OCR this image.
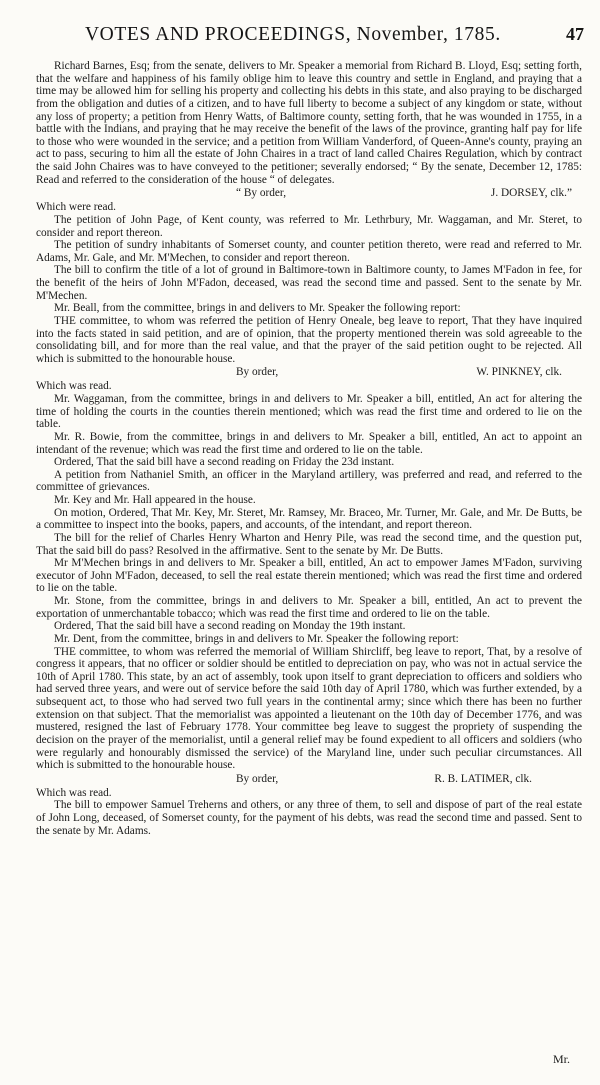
VOTES AND PROCEEDINGS, November, 1785.	47

Richard Barnes, Esq; from the senate, delivers to Mr. Speaker a memorial from Richard B. Lloyd, Esq; setting forth, that the welfare and happiness of his family oblige him to leave this country and settle in England, and praying that a time may be allowed him for selling his property and collecting his debts in this state, and also praying to be discharged from the obligation and duties of a citizen, and to have full liberty to become a subject of any kingdom or state, without any loss of property; a petition from Henry Watts, of Baltimore county, setting forth, that he was wounded in 1755, in a battle with the Indians, and praying that he may receive the benefit of the laws of the province, granting half pay for life to those who were wounded in the service; and a petition from William Vanderford, of Queen-Anne's county, praying an act to pass, securing to him all the estate of John Chaires in a tract of land called Chaires Regulation, which by contract the said John Chaires was to have conveyed to the petitioner; severally endorsed; “ By the senate, December 12, 1785: Read and referred to the consideration of the house “ of delegates.

“ By order,	J. DORSEY, clk.”

Which were read.

The petition of John Page, of Kent county, was referred to Mr. Lethrbury, Mr. Waggaman, and Mr. Steret, to consider and report thereon.

The petition of sundry inhabitants of Somerset county, and counter petition thereto, were read and referred to Mr. Adams, Mr. Gale, and Mr. M'Mechen, to consider and report thereon.

The bill to confirm the title of a lot of ground in Baltimore-town in Baltimore county, to James M'Fadon in fee, for the benefit of the heirs of John M'Fadon, deceased, was read the second time and passed. Sent to the senate by Mr. M'Mechen.

Mr. Beall, from the committee, brings in and delivers to Mr. Speaker the following report:

THE committee, to whom was referred the petition of Henry Oneale, beg leave to report, That they have inquired into the facts stated in said petition, and are of opinion, that the property mentioned therein was sold agreeable to the consolidating bill, and for more than the real value, and that the prayer of the said petition ought to be rejected. All which is submitted to the honourable house.

By order,	W. PINKNEY, clk.

Which was read.

Mr. Waggaman, from the committee, brings in and delivers to Mr. Speaker a bill, entitled, An act for altering the time of holding the courts in the counties therein mentioned; which was read the first time and ordered to lie on the table.

Mr. R. Bowie, from the committee, brings in and delivers to Mr. Speaker a bill, entitled, An act to appoint an intendant of the revenue; which was read the first time and ordered to lie on the table.

Ordered, That the said bill have a second reading on Friday the 23d instant.

A petition from Nathaniel Smith, an officer in the Maryland artillery, was preferred and read, and referred to the committee of grievances.

Mr. Key and Mr. Hall appeared in the house.

On motion, Ordered, That Mr. Key, Mr. Steret, Mr. Ramsey, Mr. Braceo, Mr. Turner, Mr. Gale, and Mr. De Butts, be a committee to inspect into the books, papers, and accounts, of the intendant, and report thereon.

The bill for the relief of Charles Henry Wharton and Henry Pile, was read the second time, and the question put, That the said bill do pass? Resolved in the affirmative. Sent to the senate by Mr. De Butts.

Mr M'Mechen brings in and delivers to Mr. Speaker a bill, entitled, An act to empower James M'Fadon, surviving executor of John M'Fadon, deceased, to sell the real estate therein mentioned; which was read the first time and ordered to lie on the table.

Mr. Stone, from the committee, brings in and delivers to Mr. Speaker a bill, entitled, An act to prevent the exportation of unmerchantable tobacco; which was read the first time and ordered to lie on the table.

Ordered, That the said bill have a second reading on Monday the 19th instant.

Mr. Dent, from the committee, brings in and delivers to Mr. Speaker the following report:

THE committee, to whom was referred the memorial of William Shircliff, beg leave to report, That, by a resolve of congress it appears, that no officer or soldier should be entitled to depreciation on pay, who was not in actual service the 10th of April 1780. This state, by an act of assembly, took upon itself to grant depreciation to officers and soldiers who had served three years, and were out of service before the said 10th day of April 1780, which was further extended, by a subsequent act, to those who had served two full years in the continental army; since which there has been no further extension on that subject. That the memorialist was appointed a lieutenant on the 10th day of December 1776, and was mustered, resigned the last of February 1778. Your committee beg leave to suggest the propriety of suspending the decision on the prayer of the memorialist, until a general relief may be found expedient to all officers and soldiers (who were regularly and honourably dismissed the service) of the Maryland line, under such peculiar circumstances. All which is submitted to the honourable house.

By order,	R. B. LATIMER, clk.

Which was read.

The bill to empower Samuel Treherns and others, or any three of them, to sell and dispose of part of the real estate of John Long, deceased, of Somerset county, for the payment of his debts, was read the second time and passed. Sent to the senate by Mr. Adams.

Mr.
